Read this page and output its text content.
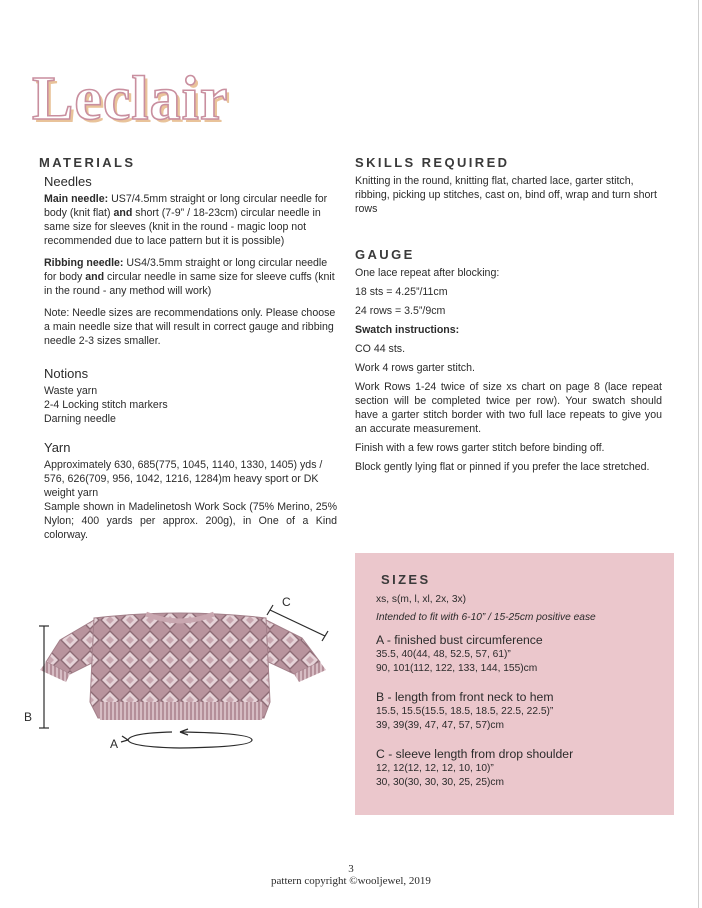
Leclair
MATERIALS
Needles

Main needle: US7/4.5mm straight or long circular needle for body (knit flat) and short (7-9” / 18-23cm) circular needle in same size for sleeves (knit in the round - magic loop not recommended due to lace pattern but it is possible)

Ribbing needle: US4/3.5mm straight or long circular needle for body and circular needle in same size for sleeve cuffs (knit in the round - any method will work)

Note: Needle sizes are recommendations only. Please choose a main needle size that will result in correct gauge and ribbing needle 2-3 sizes smaller.

Notions

Waste yarn

2-4 Locking stitch markers

Darning needle

Yarn

Approximately 630, 685(775, 1045, 1140, 1330, 1405) yds / 576, 626(709, 956, 1042, 1216, 1284)m heavy sport or DK weight yarn

Sample shown in Madelinetosh Work Sock (75% Merino, 25% Nylon; 400 yards per approx. 200g), in One of a Kind colorway.

SKILLS REQUIRED

Knitting in the round, knitting flat, charted lace, garter stitch, ribbing, picking up stitches, cast on, bind off, wrap and turn short rows

GAUGE

One lace repeat after blocking:

18 sts = 4.25”/11cm

24 rows = 3.5”/9cm

Swatch instructions:

CO 44 sts.

Work 4 rows garter stitch.

Work Rows 1-24 twice of size xs chart on page 8 (lace repeat section will be completed twice per row). Your swatch should have a garter stitch border with two full lace repeats to give you an accurate measurement.

Finish with a few rows garter stitch before binding off.

Block gently lying flat or pinned if you prefer the lace stretched.

SIZES

xs, s(m, l, xl, 2x, 3x)

Intended to fit with 6-10” / 15-25cm positive ease

A - finished bust circumference

35.5, 40(44, 48, 52.5, 57, 61)”

90, 101(112, 122, 133, 144, 155)cm

B - length from front neck to hem

15.5, 15.5(15.5, 18.5, 18.5, 22.5, 22.5)”

39, 39(39, 47, 47, 57, 57)cm

C - sleeve length from drop shoulder

12, 12(12, 12, 12, 10, 10)”

30, 30(30, 30, 30, 25, 25)cm

B
C
A
3
pattern copyright ©wooljewel, 2019
